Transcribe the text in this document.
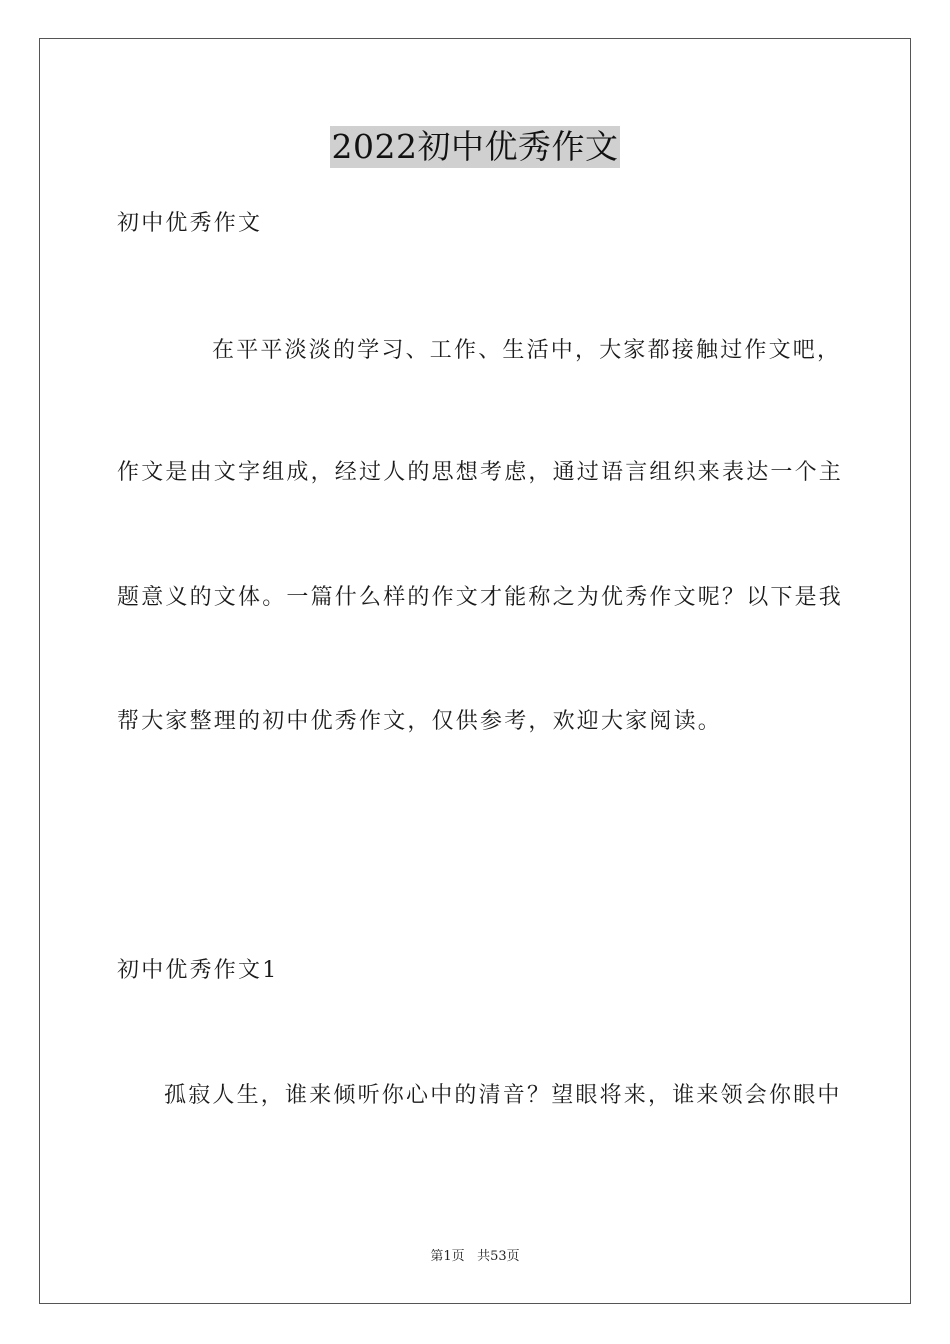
2022初中优秀作文
初中优秀作文
在平平淡淡的学习、工作、生活中，大家都接触过作文吧，
作文是由文字组成，经过人的思想考虑，通过语言组织来表达一个主
题意义的文体。一篇什么样的作文才能称之为优秀作文呢？以下是我
帮大家整理的初中优秀作文，仅供参考，欢迎大家阅读。
初中优秀作文1
孤寂人生，谁来倾听你心中的清音？望眼将来，谁来领会你眼中
第1页 共53页
